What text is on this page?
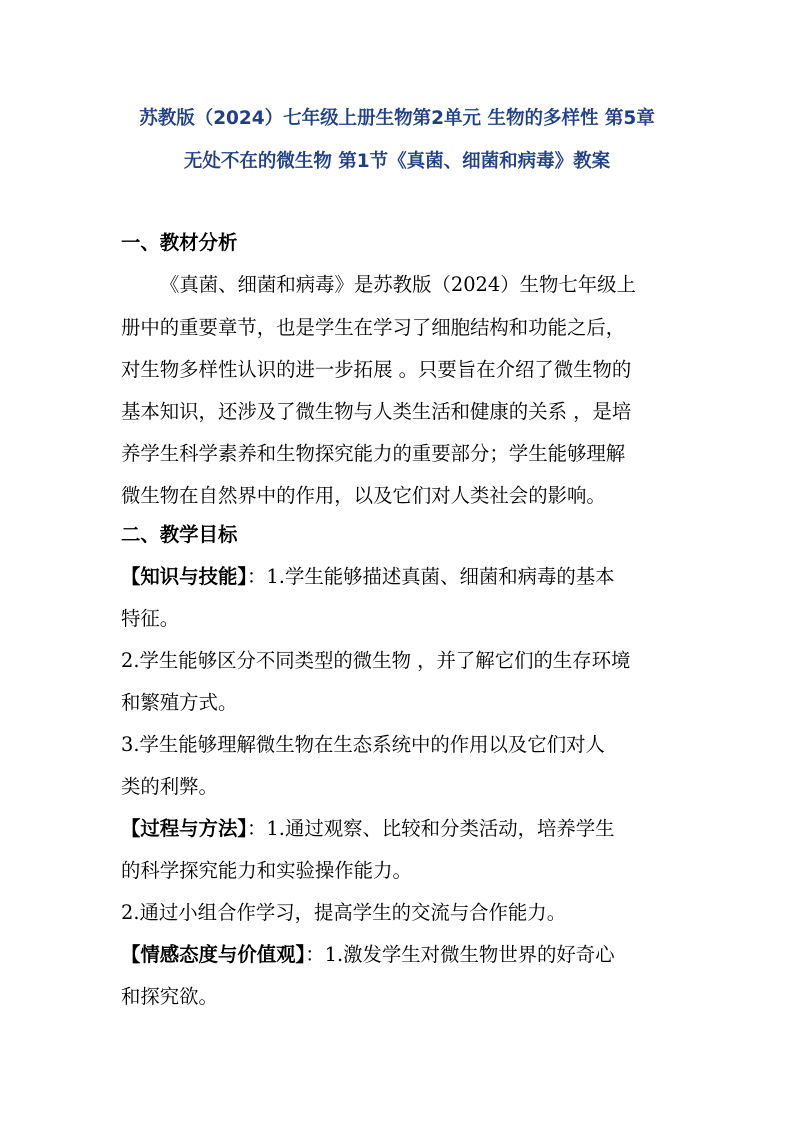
苏教版（2024）七年级上册生物第2单元 生物的多样性 第5章
无处不在的微生物 第1节《真菌、细菌和病毒》教案
一、教材分析
《真菌、细菌和病毒》是苏教版（2024）生物七年级上
册中的重要章节，也是学生在学习了细胞结构和功能之后，
对生物多样性认识的进一步拓展 。只要旨在介绍了微生物的
基本知识，还涉及了微生物与人类生活和健康的关系 ，是培
养学生科学素养和生物探究能力的重要部分；学生能够理解
微生物在自然界中的作用，以及它们对人类社会的影响。
二、教学目标
【知识与技能】：1.学生能够描述真菌、细菌和病毒的基本
特征。
2.学生能够区分不同类型的微生物 ，并了解它们的生存环境
和繁殖方式。
3.学生能够理解微生物在生态系统中的作用以及它们对人
类的利弊。
【过程与方法】：1.通过观察、比较和分类活动，培养学生
的科学探究能力和实验操作能力。
2.通过小组合作学习，提高学生的交流与合作能力。
【情感态度与价值观】：1.激发学生对微生物世界的好奇心
和探究欲。
